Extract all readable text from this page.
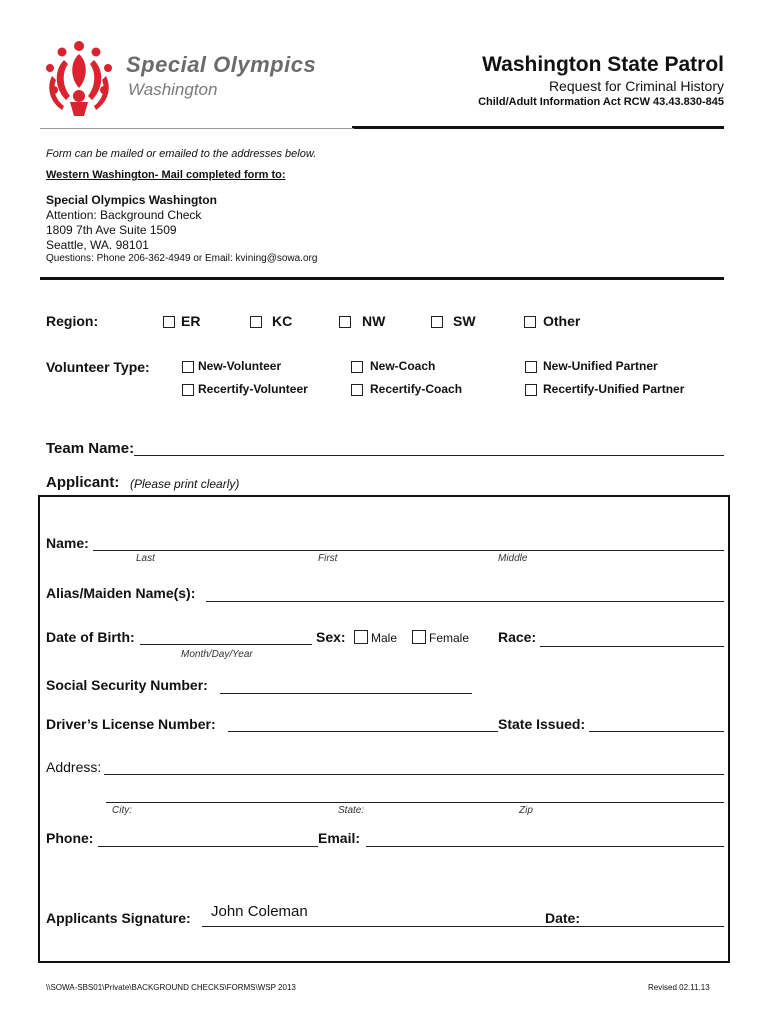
Special Olympics
Washington
Washington State Patrol
Request for Criminal History
Child/Adult Information Act RCW 43.43.830-845
Form can be mailed or emailed to the addresses below.
Western Washington- Mail completed form to:
Special Olympics Washington
Attention: Background Check
1809 7th Ave Suite 1509
Seattle, WA. 98101
Questions: Phone 206-362-4949 or Email: kvining@sowa.org
Region:	ER	KC	NW	SW	Other
Volunteer Type:	New-Volunteer	New-Coach	New-Unified Partner
Recertify-Volunteer	Recertify-Coach	Recertify-Unified Partner
Team Name:
Applicant: (Please print clearly)
Name:
Last	First	Middle
Alias/Maiden Name(s):
Date of Birth:
Month/Day/Year
Sex: Male	Female Race:
Social Security Number:
Driver’s License Number:	State Issued:
Address:
City:	State:	Zip
Phone:	Email:
Applicants Signature: John Coleman	Date:
\\SOWA-SBS01\Private\BACKGROUND CHECKS\FORMS\WSP 2013	Revised 02.11.13
